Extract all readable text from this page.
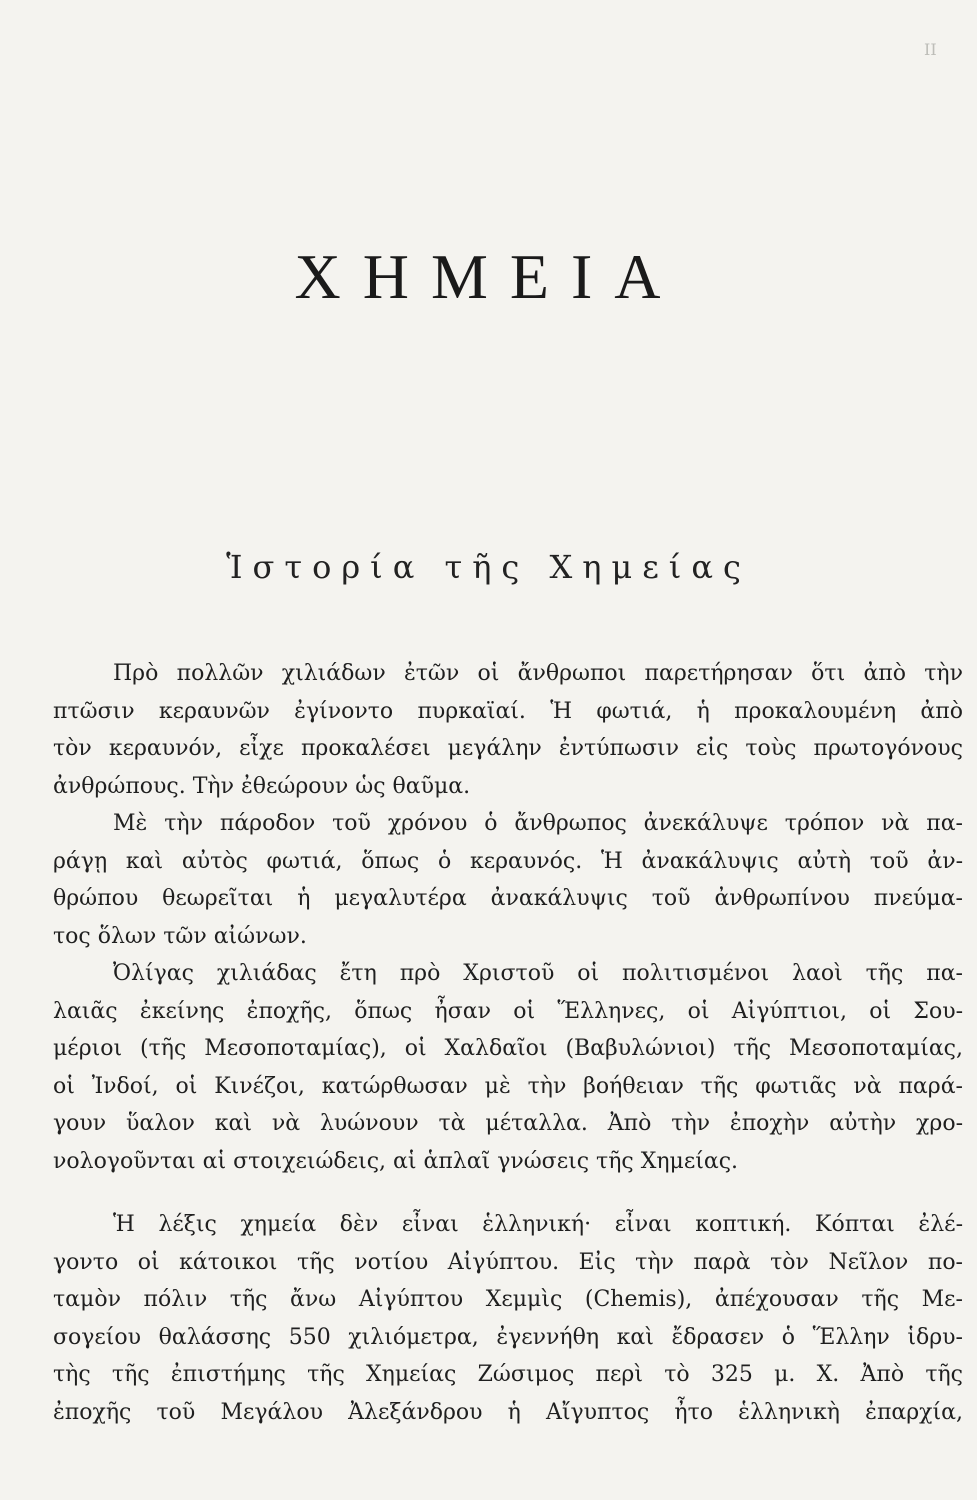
II
ΧΗΜΕΙΑ
Ἱστορία τῆς Χημείας
Πρὸ πολλῶν χιλιάδων ἐτῶν οἱ ἄνθρωποι παρετήρησαν ὅτι ἀπὸ τὴν
πτῶσιν κεραυνῶν ἐγίνοντο πυρκαϊαί. Ἡ φωτιά, ἡ προκαλουμένη ἀπὸ
τὸν κεραυνόν, εἶχε προκαλέσει μεγάλην ἐντύπωσιν εἰς τοὺς πρωτογόνους
ἀνθρώπους. Τὴν ἐθεώρουν ὡς θαῦμα.
Μὲ τὴν πάροδον τοῦ χρόνου ὁ ἄνθρωπος ἀνεκάλυψε τρόπον νὰ πα-
ράγῃ καὶ αὐτὸς φωτιά, ὅπως ὁ κεραυνός. Ἡ ἀνακάλυψις αὐτὴ τοῦ ἀν-
θρώπου θεωρεῖται ἡ μεγαλυτέρα ἀνακάλυψις τοῦ ἀνθρωπίνου πνεύμα-
τος ὅλων τῶν αἰώνων.
Ὀλίγας χιλιάδας ἔτη πρὸ Χριστοῦ οἱ πολιτισμένοι λαοὶ τῆς πα-
λαιᾶς ἐκείνης ἐποχῆς, ὅπως ἦσαν οἱ Ἕλληνες, οἱ Αἰγύπτιοι, οἱ Σου-
μέριοι (τῆς Μεσοποταμίας), οἱ Χαλδαῖοι (Βαβυλώνιοι) τῆς Μεσοποταμίας,
οἱ Ἰνδοί, οἱ Κινέζοι, κατώρθωσαν μὲ τὴν βοήθειαν τῆς φωτιᾶς νὰ παρά-
γουν ὕαλον καὶ νὰ λυώνουν τὰ μέταλλα. Ἀπὸ τὴν ἐποχὴν αὐτὴν χρο-
νολογοῦνται αἱ στοιχειώδεις, αἱ ἁπλαῖ γνώσεις τῆς Χημείας.
Ἡ λέξις χημεία δὲν εἶναι ἑλληνική· εἶναι κοπτική. Κόπται ἐλέ-
γοντο οἱ κάτοικοι τῆς νοτίου Αἰγύπτου. Εἰς τὴν παρὰ τὸν Νεῖλον πο-
ταμὸν πόλιν τῆς ἄνω Αἰγύπτου Χεμμὶς (Chemis), ἀπέχουσαν τῆς Με-
σογείου θαλάσσης 550 χιλιόμετρα, ἐγεννήθη καὶ ἔδρασεν ὁ Ἕλλην ἱδρυ-
τὴς τῆς ἐπιστήμης τῆς Χημείας Ζώσιμος περὶ τὸ 325 μ. Χ. Ἀπὸ τῆς
ἐποχῆς τοῦ Μεγάλου Ἀλεξάνδρου ἡ Αἴγυπτος ἦτο ἑλληνικὴ ἐπαρχία,
